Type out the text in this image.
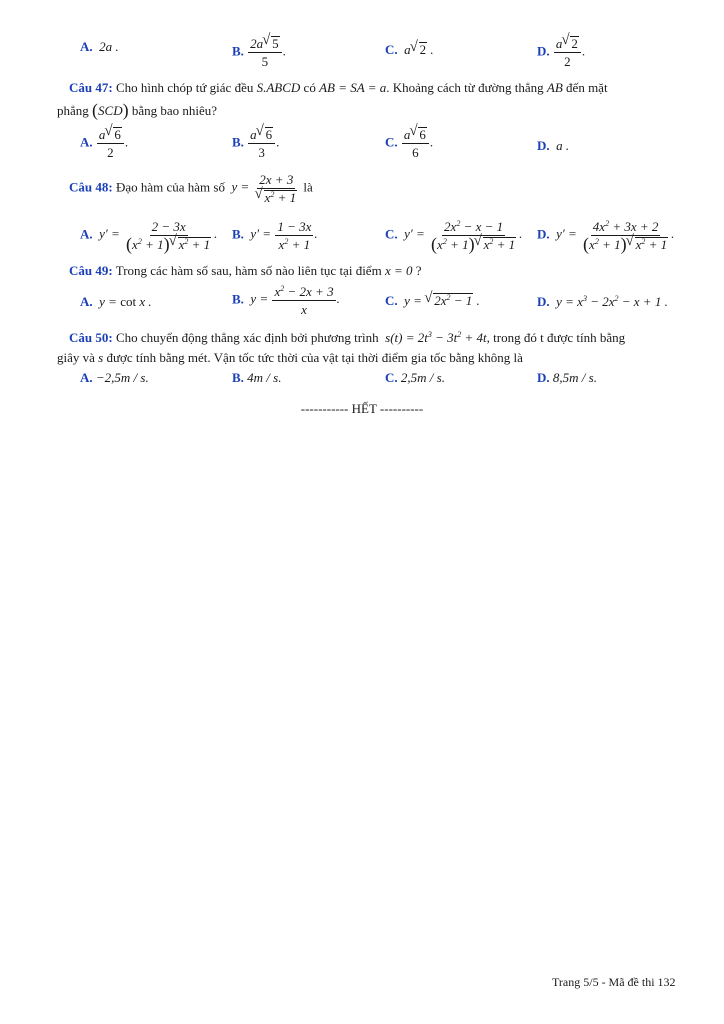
A.  2a .	B. $\frac{2a √ 5}{5}$ .	C.  a √ 2 .	D. $\frac{a √ 2}{2}$ .
Câu 47: Cho hình chóp tứ giác đều S.ABCD có AB = SA = a. Khoảng cách từ đường thẳng AB đến mặt
phẳng (SCD) bằng bao nhiêu?
A. $\frac{a √ 6}{2}$ .	B. $\frac{a √ 6}{3}$ .	C. $\frac{a √ 6}{6}$ .	D.  a .
Câu 48: Đạo hàm của hàm số  y = 2x + 3
√ $x^2 + 1$ là
A.  $y' = \frac{2 - 3x}{(x^2 + 1) √ x^2 + 1}$ . B.  $y' = \frac{1 - 3x}{x^2 + 1}$ .	C.  $y' = \frac{2x^2 - x - 1}{(x^2 + 1) √ x^2 + 1}$ . D.  $y' = \frac{4x^2 + 3x + 2}{(x^2 + 1) √ x^2 + 1}$ .
Câu 49: Trong các hàm số sau, hàm số nào liên tục tại điểm x = 0 ?
A.  y = cot x .	B.  $y = \frac{x^2 - 2x + 3}{x}$ .	C.  y = √ $2x^2 - 1$ .	D.  $y = x^3 - 2x^2 - x + 1$ .
Câu 50: Cho chuyển động thẳng xác định bởi phương trình  $s(t) = 2t^3 - 3t^2 + 4t$, trong đó t được tính bằng
giây và s được tính bằng mét. Vận tốc tức thời của vật tại thời điểm gia tốc bằng không là
A. −2,5m / s.	B. 4m / s.	C. 2,5m / s.	D. 8,5m / s.
----------- HẾT ----------
Trang 5/5 - Mã đề thi 132
